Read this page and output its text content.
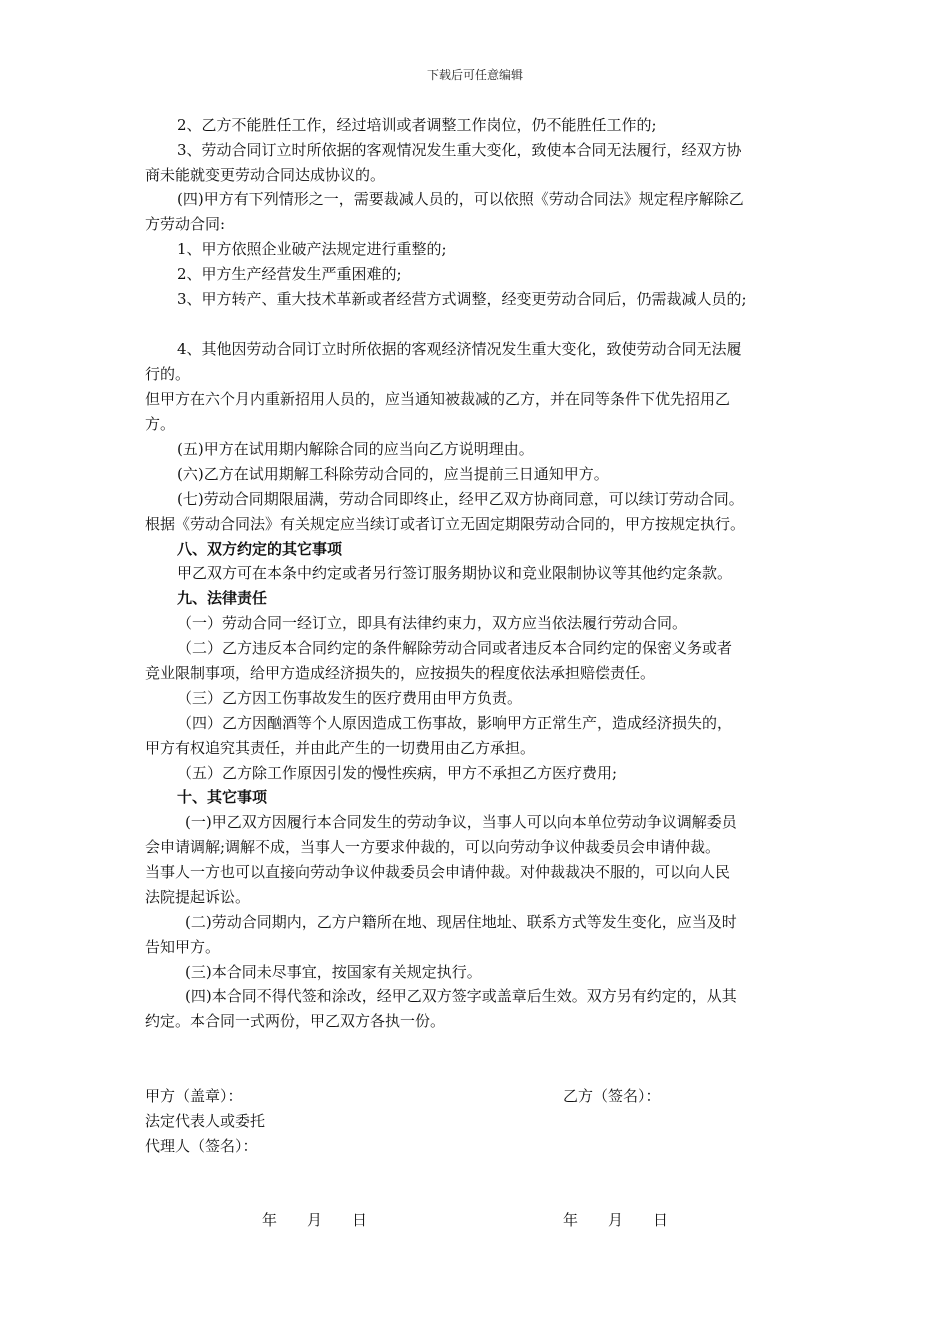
下载后可任意编辑
2、乙方不能胜任工作，经过培训或者调整工作岗位，仍不能胜任工作的;
3、劳动合同订立时所依据的客观情况发生重大变化，致使本合同无法履行，经双方协
商未能就变更劳动合同达成协议的。
(四)甲方有下列情形之一，需要裁减人员的，可以依照《劳动合同法》规定程序解除乙
方劳动合同:
1、甲方依照企业破产法规定进行重整的;
2、甲方生产经营发生严重困难的;
3、甲方转产、重大技术革新或者经营方式调整，经变更劳动合同后，仍需裁减人员的;
4、其他因劳动合同订立时所依据的客观经济情况发生重大变化，致使劳动合同无法履
行的。
但甲方在六个月内重新招用人员的，应当通知被裁减的乙方，并在同等条件下优先招用乙
方。
(五)甲方在试用期内解除合同的应当向乙方说明理由。
(六)乙方在试用期解工科除劳动合同的，应当提前三日通知甲方。
(七)劳动合同期限届满，劳动合同即终止，经甲乙双方协商同意，可以续订劳动合同。
根据《劳动合同法》有关规定应当续订或者订立无固定期限劳动合同的，甲方按规定执行。
八、双方约定的其它事项
甲乙双方可在本条中约定或者另行签订服务期协议和竞业限制协议等其他约定条款。
九、法律责任
（一）劳动合同一经订立，即具有法律约束力，双方应当依法履行劳动合同。
（二）乙方违反本合同约定的条件解除劳动合同或者违反本合同约定的保密义务或者
竞业限制事项，给甲方造成经济损失的，应按损失的程度依法承担赔偿责任。
（三）乙方因工伤事故发生的医疗费用由甲方负责。
（四）乙方因酗酒等个人原因造成工伤事故，影响甲方正常生产，造成经济损失的，
甲方有权追究其责任，并由此产生的一切费用由乙方承担。
（五）乙方除工作原因引发的慢性疾病，甲方不承担乙方医疗费用;
十、其它事项
(一)甲乙双方因履行本合同发生的劳动争议，当事人可以向本单位劳动争议调解委员
会申请调解;调解不成，当事人一方要求仲裁的，可以向劳动争议仲裁委员会申请仲裁。
当事人一方也可以直接向劳动争议仲裁委员会申请仲裁。对仲裁裁决不服的，可以向人民
法院提起诉讼。
(二)劳动合同期内，乙方户籍所在地、现居住地址、联系方式等发生变化，应当及时
告知甲方。
(三)本合同未尽事宜，按国家有关规定执行。
(四)本合同不得代签和涂改，经甲乙双方签字或盖章后生效。双方另有约定的，从其
约定。本合同一式两份，甲乙双方各执一份。
甲方（盖章）：	乙方（签名）：
法定代表人或委托
代理人（签名）：
年　　月　　日	年　　月　　日
